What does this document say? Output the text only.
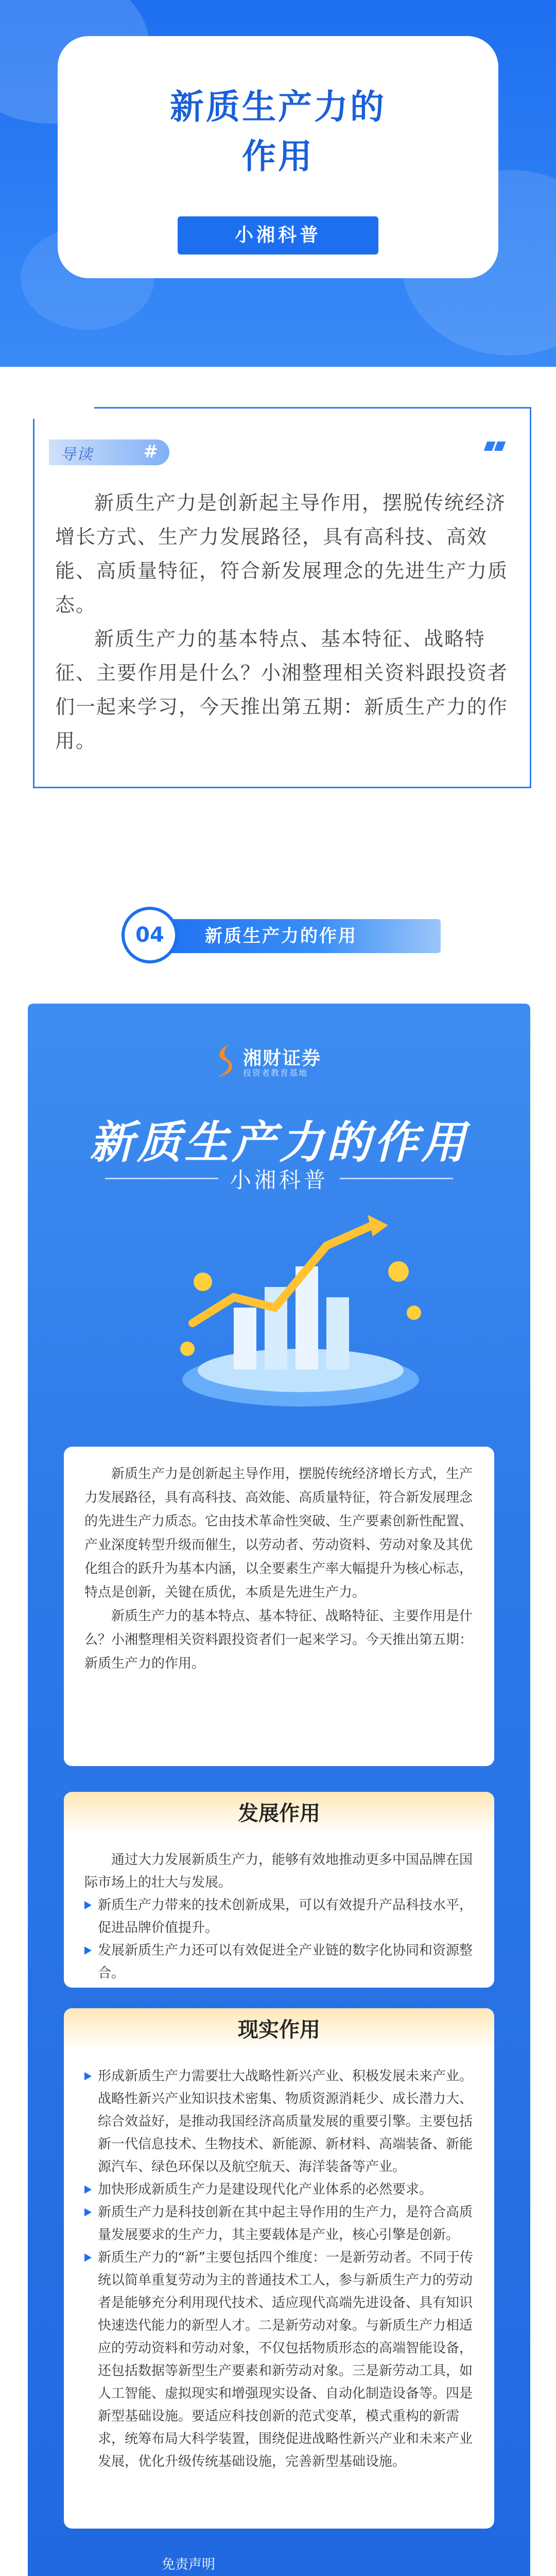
新质生产力的
作用
小湘科普
导读	#

新质生产力是创新起主导作用，摆脱传统经济增长方式、生产力发展路径，具有高科技、高效能、高质量特征，符合新发展理念的先进生产力质态。

新质生产力的基本特点、基本特征、战略特征、主要作用是什么？小湘整理相关资料跟投资者们一起来学习，今天推出第五期：新质生产力的作用。

04	新质生产力的作用
湘财证券
投资者教育基地
新质生产力的作用
小湘科普

新质生产力是创新起主导作用，摆脱传统经济增长方式，生产力发展路径，具有高科技、高效能、高质量特征，符合新发展理念的先进生产力质态。它由技术革命性突破、生产要素创新性配置、产业深度转型升级而催生，以劳动者、劳动资料、劳动对象及其优化组合的跃升为基本内涵，以全要素生产率大幅提升为核心标志，特点是创新，关键在质优，本质是先进生产力。

新质生产力的基本特点、基本特征、战略特征、主要作用是什么？小湘整理相关资料跟投资者们一起来学习。今天推出第五期：新质生产力的作用。

发展作用

通过大力发展新质生产力，能够有效地推动更多中国品牌在国际市场上的壮大与发展。

新质生产力带来的技术创新成果，可以有效提升产品科技水平，促进品牌价值提升。

发展新质生产力还可以有效促进全产业链的数字化协同和资源整合。

现实作用

形成新质生产力需要壮大战略性新兴产业、积极发展未来产业。战略性新兴产业知识技术密集、物质资源消耗少、成长潜力大、综合效益好，是推动我国经济高质量发展的重要引擎。主要包括新一代信息技术、生物技术、新能源、新材料、高端装备、新能源汽车、绿色环保以及航空航天、海洋装备等产业。

加快形成新质生产力是建设现代化产业体系的必然要求。

新质生产力是科技创新在其中起主导作用的生产力，是符合高质量发展要求的生产力，其主要载体是产业，核心引擎是创新。

新质生产力的“新”主要包括四个维度：一是新劳动者。不同于传统以简单重复劳动为主的普通技术工人，参与新质生产力的劳动者是能够充分利用现代技术、适应现代高端先进设备、具有知识快速迭代能力的新型人才。二是新劳动对象。与新质生产力相适应的劳动资料和劳动对象，不仅包括物质形态的高端智能设备，还包括数据等新型生产要素和新劳动对象。三是新劳动工具，如人工智能、虚拟现实和增强现实设备、自动化制造设备等。四是新型基础设施。要适应科技创新的范式变革，模式重构的新需求，统筹布局大科学装置，围绕促进战略性新兴产业和未来产业发展，优化升级传统基础设施，完善新型基础设施。

免责声明
